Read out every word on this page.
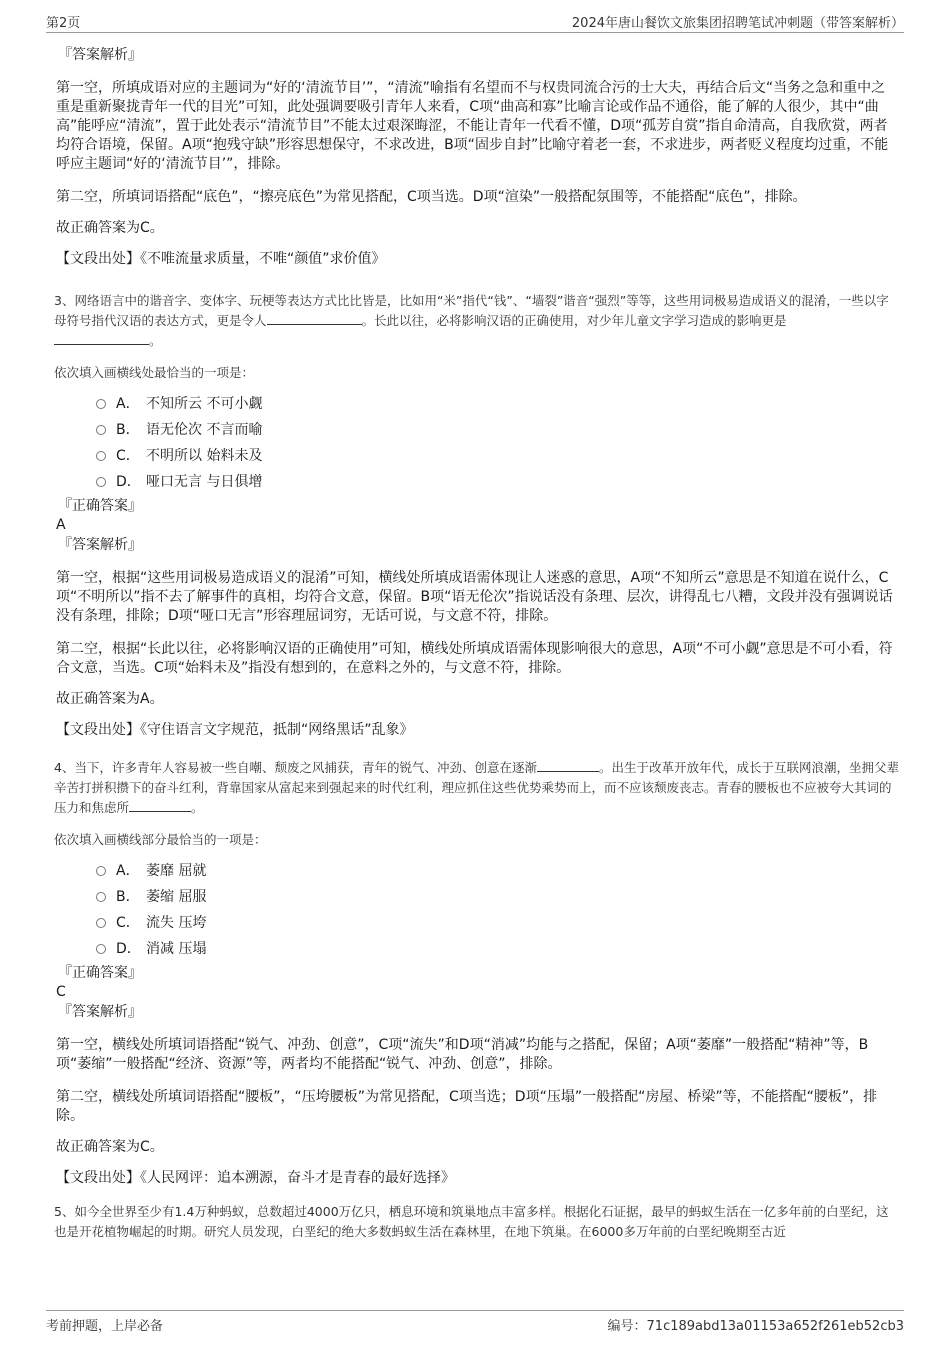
第2页	2024年唐山餐饮文旅集团招聘笔试冲刺题（带答案解析）
『答案解析』

第一空，所填成语对应的主题词为“好的‘清流节目’”，“清流”喻指有名望而不与权贵同流合污的士大夫，再结合后文“当务之急和重中之重是重新聚拢青年一代的目光”可知，此处强调要吸引青年人来看，C项“曲高和寡”比喻言论或作品不通俗，能了解的人很少，其中“曲高”能呼应“清流”，置于此处表示“清流节目”不能太过艰深晦涩，不能让青年一代看不懂，D项“孤芳自赏”指自命清高，自我欣赏，两者均符合语境，保留。A项“抱残守缺”形容思想保守，不求改进，B项“固步自封”比喻守着老一套，不求进步，两者贬义程度均过重，不能呼应主题词“好的‘清流节目’”，排除。

第二空，所填词语搭配“底色”，“擦亮底色”为常见搭配，C项当选。D项“渲染”一般搭配氛围等，不能搭配“底色”，排除。

故正确答案为C。

【文段出处】《不唯流量求质量，不唯“颜值”求价值》

3、网络语言中的谐音字、变体字、玩梗等表达方式比比皆是，比如用“米”指代“钱”、“墙裂”谐音“强烈”等等，这些用词极易造成语义的混淆，一些以字母符号指代汉语的表达方式，更是令人	。长此以往，必将影响汉语的正确使用，对少年儿童文字学习造成的影响更是
。

依次填入画横线处最恰当的一项是：

A． 不知所云 不可小觑
B． 语无伦次 不言而喻
C． 不明所以 始料未及
D． 哑口无言 与日俱增
『正确答案』

A

『答案解析』

第一空，根据“这些用词极易造成语义的混淆”可知，横线处所填成语需体现让人迷惑的意思，A项“不知所云”意思是不知道在说什么，C项“不明所以”指不去了解事件的真相，均符合文意，保留。B项“语无伦次”指说话没有条理、层次，讲得乱七八糟，文段并没有强调说话没有条理，排除；D项“哑口无言”形容理屈词穷，无话可说，与文意不符，排除。

第二空，根据“长此以往，必将影响汉语的正确使用”可知，横线处所填成语需体现影响很大的意思，A项“不可小觑”意思是不可小看，符合文意，当选。C项“始料未及”指没有想到的，在意料之外的，与文意不符，排除。

故正确答案为A。

【文段出处】《守住语言文字规范，抵制“网络黑话”乱象》

4、当下，许多青年人容易被一些自嘲、颓废之风捕获，青年的锐气、冲劲、创意在逐渐	。出生于改革开放年代，成长于互联网浪潮，坐拥父辈辛苦打拼积攒下的奋斗红利，背靠国家从富起来到强起来的时代红利，理应抓住这些优势乘势而上，而不应该颓废丧志。青春的腰板也不应被夸大其词的压力和焦虑所	。

依次填入画横线部分最恰当的一项是：

A． 萎靡 屈就
B． 萎缩 屈服
C． 流失 压垮
D． 消减 压塌
『正确答案』

C

『答案解析』

第一空，横线处所填词语搭配“锐气、冲劲、创意”，C项“流失”和D项“消减”均能与之搭配，保留；A项“萎靡”一般搭配“精神”等，B项“萎缩”一般搭配“经济、资源”等，两者均不能搭配“锐气、冲劲、创意”，排除。

第二空，横线处所填词语搭配“腰板”，“压垮腰板”为常见搭配，C项当选；D项“压塌”一般搭配“房屋、桥梁”等，不能搭配“腰板”，排除。

故正确答案为C。

【文段出处】《人民网评：追本溯源，奋斗才是青春的最好选择》

5、如今全世界至少有1.4万种蚂蚁，总数超过4000万亿只，栖息环境和筑巢地点丰富多样。根据化石证据，最早的蚂蚁生活在一亿多年前的白垩纪，这也是开花植物崛起的时期。研究人员发现，白垩纪的绝大多数蚂蚁生活在森林里，在地下筑巢。在6000多万年前的白垩纪晚期至古近

考前押题，上岸必备	编号：71c189abd13a01153a652f261eb52cb3
